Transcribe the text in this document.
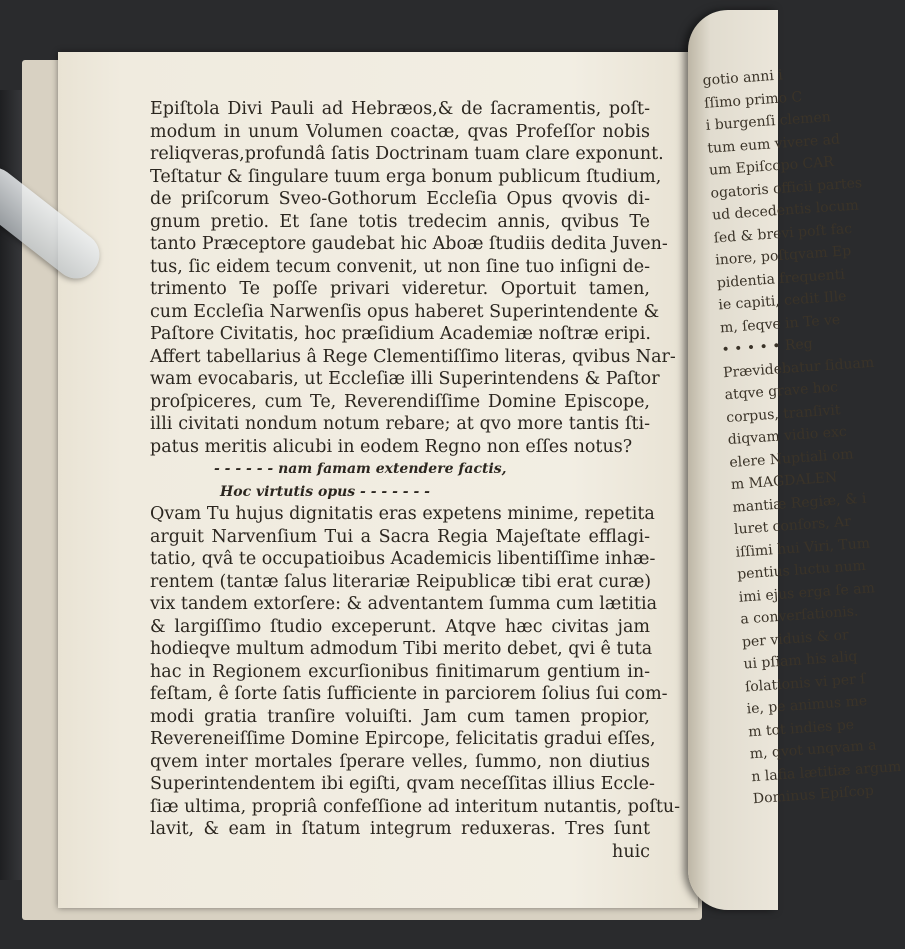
gotio anni i
ſſimo primo C
i burgenſi clemen
tum eum vivere ad
um Epiſcopo CAR
ogatoris officii partes
ud decedentis locum
ſed & brevi poſt fac
inore, poſtqvam Ep
pidentia frequenti
ie capiti, cedit Ille
m, ſeqve in Te ve
• • • • • Reg
Prævidebatur ſiduam
atqve grave hoc
corpus, tranſivit
diqvam vidio exc
elere Nuptiali om
m MAGDALEN
mantiæ Regiæ, & i
luret conſors, Ar
iſſimi hui Viri, Tum
pentius luctu num
imi ejus erga ſe am
a converſationis.
per viduis & or
ui pſiam his aliq
ſolationis vi per ſ
ie, pe animus me
m tot indies pe
m, qvot unqvam a
n lafia lætitiæ argum
Dominus Epiſcop
Epiſtola Divi Pauli ad Hebræos,& de ſacramentis, poſt-
modum in unum Volumen coactæ, qvas Profeſſor nobis
reliqveras,profundâ ſatis Doctrinam tuam clare exponunt.
Teſtatur & ſingulare tuum erga bonum publicum ſtudium,
de priſcorum Sveo-Gothorum Eccleſia Opus qvovis di-
gnum pretio. Et ſane totis tredecim annis, qvibus Te
tanto Præceptore gaudebat hic Aboæ ſtudiis dedita Juven-
tus, ſic eidem tecum convenit, ut non ſine tuo inſigni de-
trimento Te poſſe privari videretur. Oportuit tamen,
cum Eccleſia Narwenſis opus haberet Superintendente &
Paſtore Civitatis, hoc præſidium Academiæ noſtræ eripi.
Affert tabellarius â Rege Clementiſſimo literas, qvibus Nar-
wam evocabaris, ut Eccleſiæ illi Superintendens & Paſtor
proſpiceres, cum Te, Reverendiſſime Domine Episcope,
illi civitati nondum notum rebare; at qvo more tantis ſti-
patus meritis alicubi in eodem Regno non eſſes notus?
- - - - - - nam famam extendere factis,
Hoc virtutis opus - - - - - - -
Qvam Tu hujus dignitatis eras expetens minime, repetita
arguit Narvenſium Tui a Sacra Regia Majeſtate efflagi-
tatio, qvâ te occupatioibus Academicis libentiſſime inhæ-
rentem (tantæ ſalus literariæ Reipublicæ tibi erat curæ)
vix tandem extorſere: & adventantem ſumma cum lætitia
& largiſſimo ſtudio exceperunt. Atqve hæc civitas jam
hodieqve multum admodum Tibi merito debet, qvi ê tuta
hac in Regionem excurſionibus finitimarum gentium in-
feſtam, ê ſorte ſatis ſufficiente in parciorem ſolius ſui com-
modi gratia tranſire voluiſti. Jam cum tamen propior,
Revereneiſſime Domine Epircope, felicitatis gradui eſſes,
qvem inter mortales ſperare velles, ſummo, non diutius
Superintendentem ibi egiſti, qvam neceſſitas illius Eccle-
ſiæ ultima, propriâ confeſſione ad interitum nutantis, poſtu-
lavit, & eam in ſtatum integrum reduxeras. Tres ſunt
huic
